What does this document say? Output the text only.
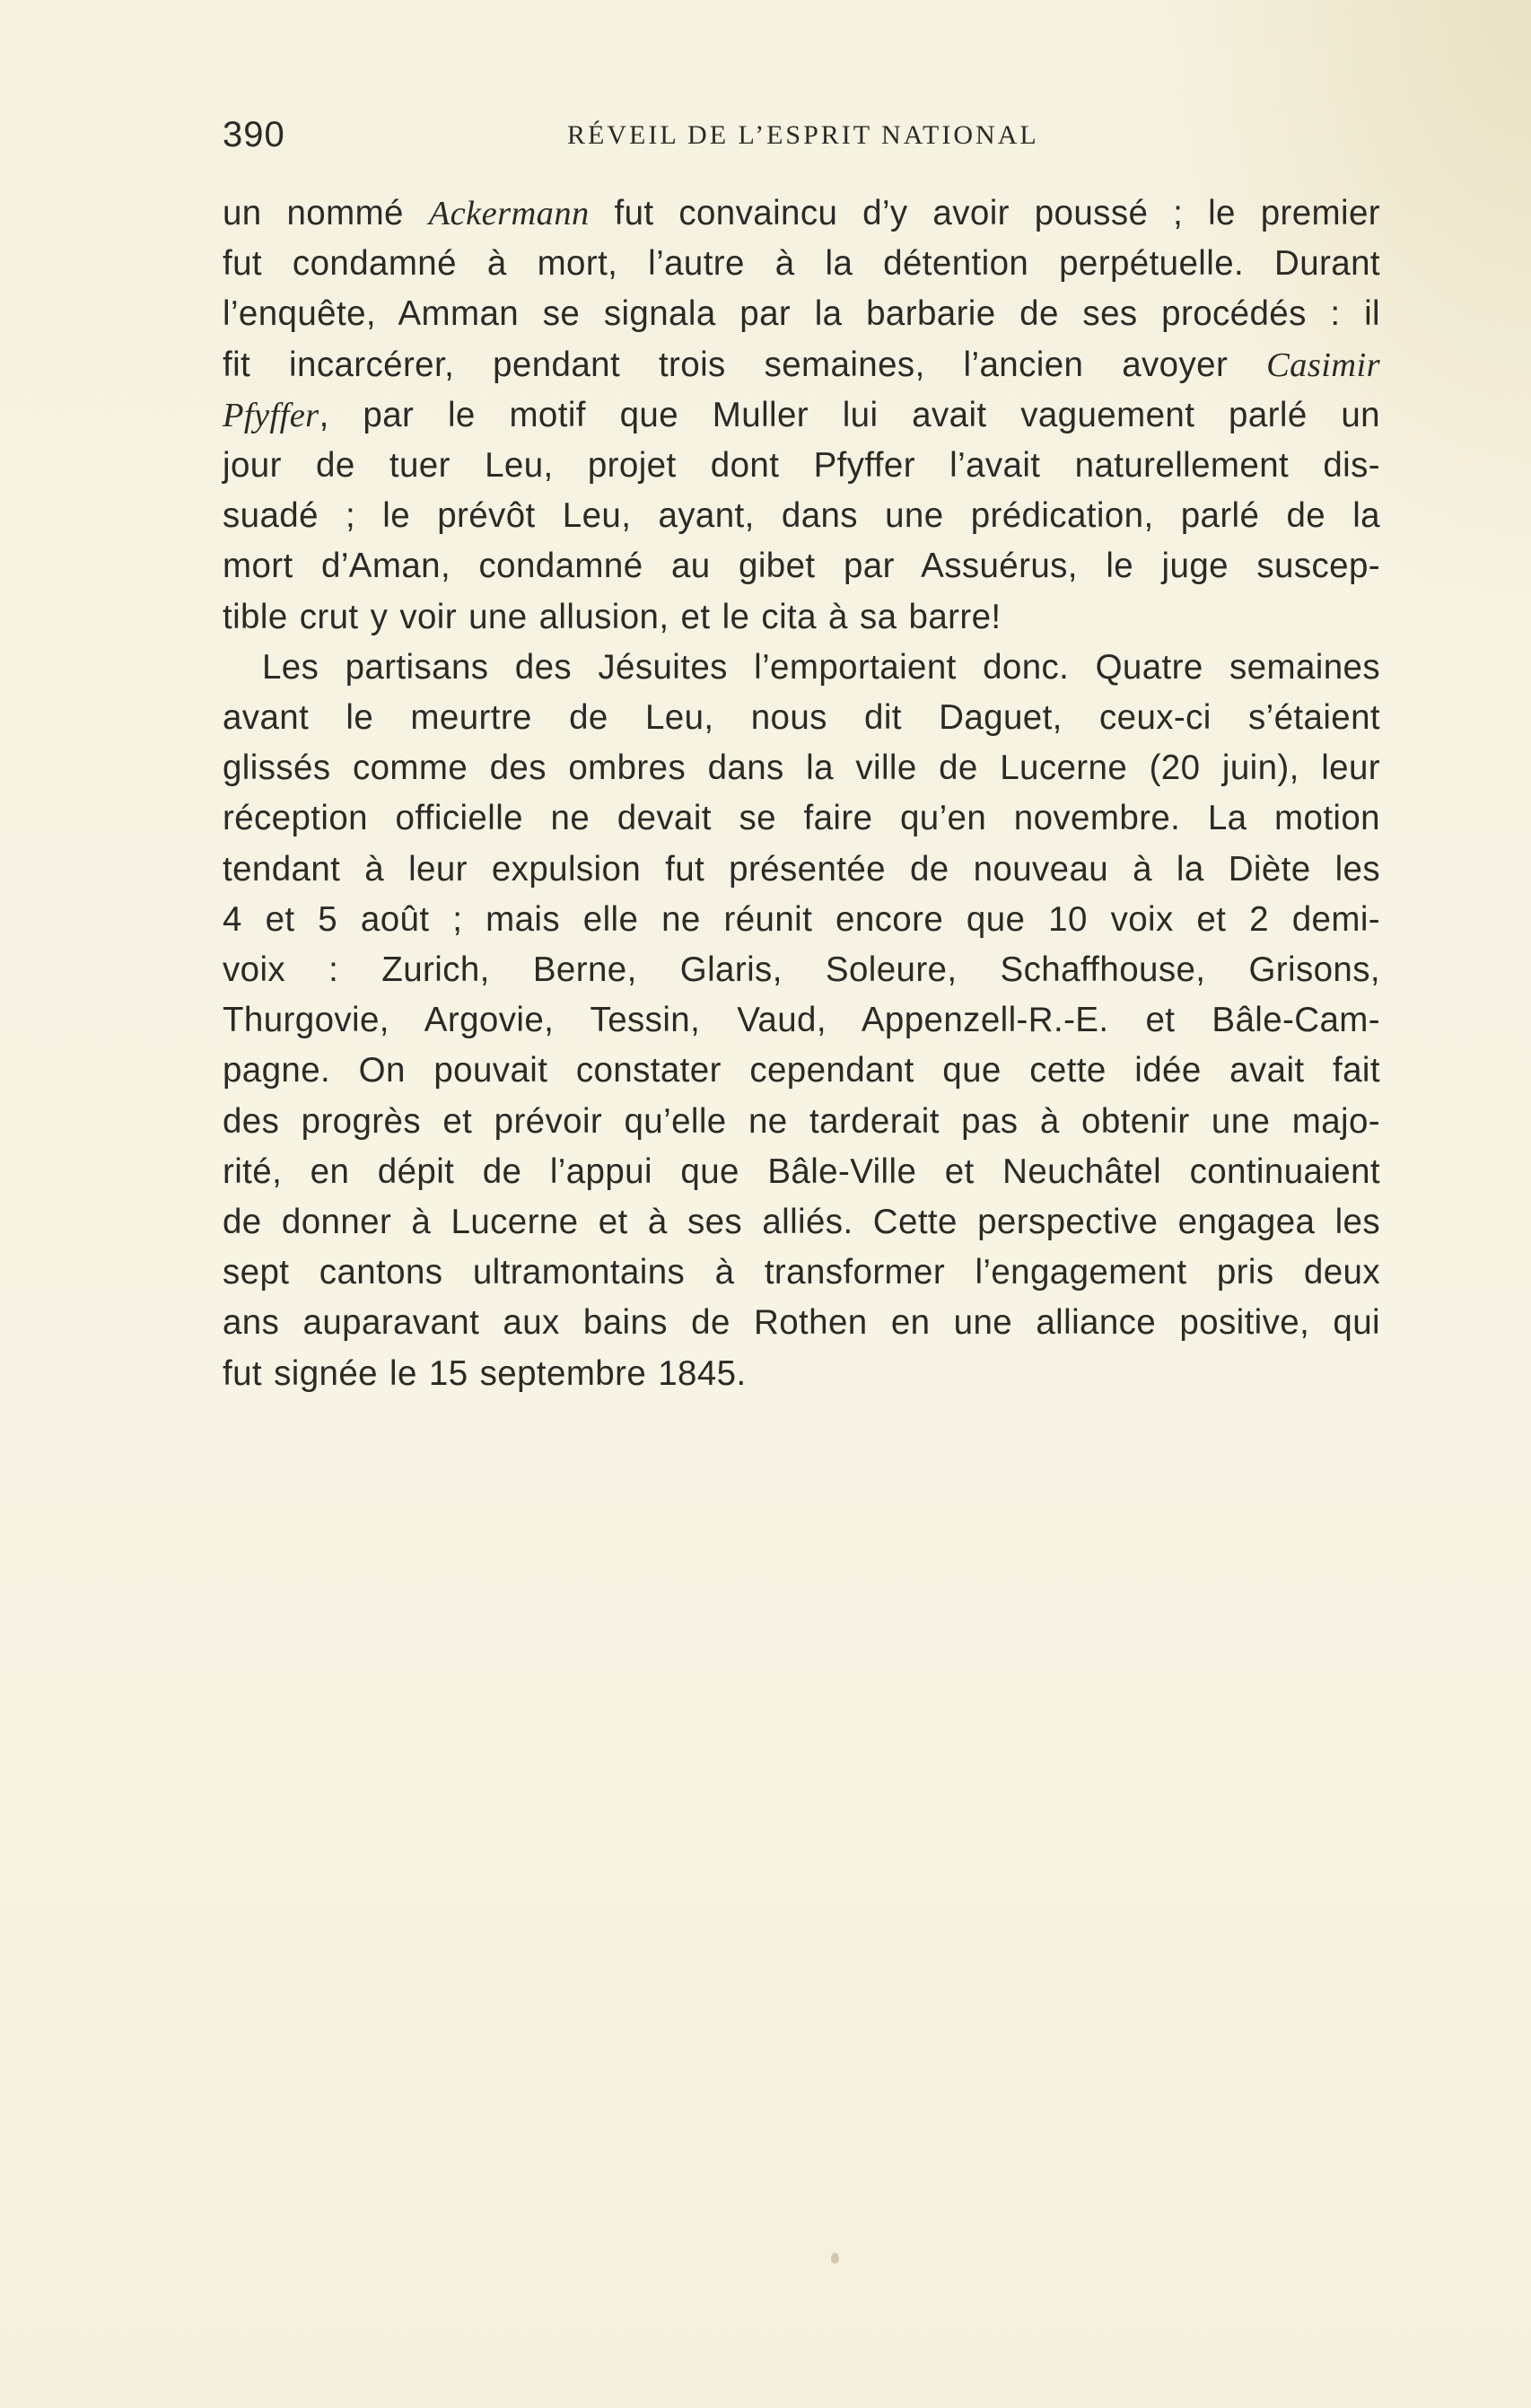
390	RÉVEIL DE L’ESPRIT NATIONAL
un nommé Ackermann fut convaincu d’y avoir poussé ; le premier
fut condamné à mort, l’autre à la détention perpétuelle. Durant
l’enquête, Amman se signala par la barbarie de ses procédés : il
fit incarcérer, pendant trois semaines, l’ancien avoyer Casimir
Pfyffer, par le motif que Muller lui avait vaguement parlé un
jour de tuer Leu, projet dont Pfyffer l’avait naturellement dis-
suadé ; le prévôt Leu, ayant, dans une prédication, parlé de la
mort d’Aman, condamné au gibet par Assuérus, le juge suscep-
tible crut y voir une allusion, et le cita à sa barre!
Les partisans des Jésuites l’emportaient donc. Quatre semaines
avant le meurtre de Leu, nous dit Daguet, ceux-ci s’étaient
glissés comme des ombres dans la ville de Lucerne (20 juin), leur
réception officielle ne devait se faire qu’en novembre. La motion
tendant à leur expulsion fut présentée de nouveau à la Diète les
4 et 5 août ; mais elle ne réunit encore que 10 voix et 2 demi-
voix : Zurich, Berne, Glaris, Soleure, Schaffhouse, Grisons,
Thurgovie, Argovie, Tessin, Vaud, Appenzell-R.-E. et Bâle-Cam-
pagne. On pouvait constater cependant que cette idée avait fait
des progrès et prévoir qu’elle ne tarderait pas à obtenir une majo-
rité, en dépit de l’appui que Bâle-Ville et Neuchâtel continuaient
de donner à Lucerne et à ses alliés. Cette perspective engagea les
sept cantons ultramontains à transformer l’engagement pris deux
ans auparavant aux bains de Rothen en une alliance positive, qui
fut signée le 15 septembre 1845.
